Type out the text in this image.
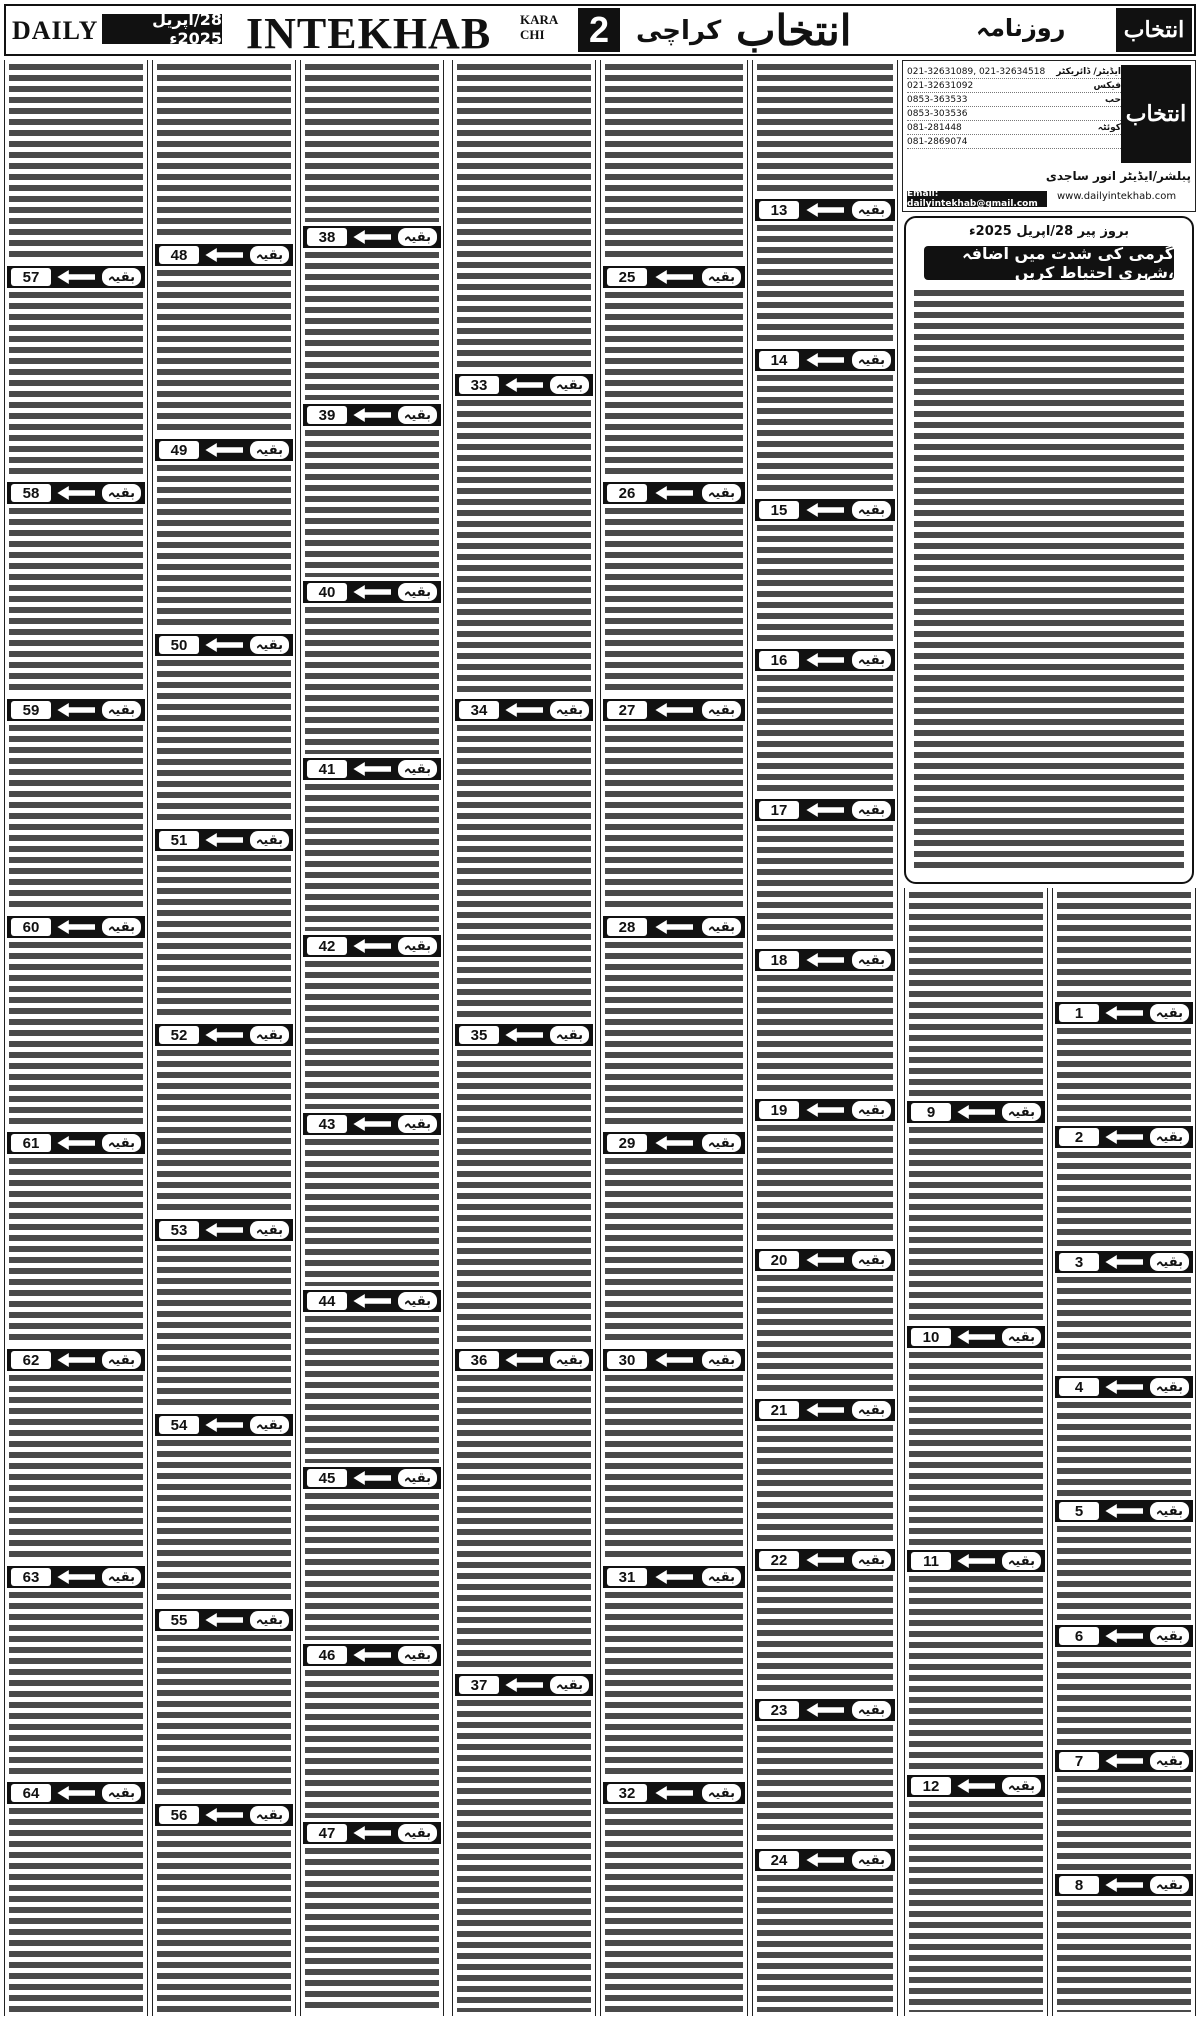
DAILY	28/اپریل 2025ء INTEKHAB KARA
CHI	2	کراچی انتخاب	روزنامہ	انتخاب
57	بقیہ
58	بقیہ
59	بقیہ
60	بقیہ
61	بقیہ
62	بقیہ
63	بقیہ
64	بقیہ
48	بقیہ
49	بقیہ
50	بقیہ
51	بقیہ
52	بقیہ
53	بقیہ
54	بقیہ
55	بقیہ
56	بقیہ
38	بقیہ
39	بقیہ
40	بقیہ
41	بقیہ
42	بقیہ
43	بقیہ
44	بقیہ
45	بقیہ
46	بقیہ
47	بقیہ
33	بقیہ
34	بقیہ
35	بقیہ
36	بقیہ
37	بقیہ
25	بقیہ
26	بقیہ
27	بقیہ
28	بقیہ
29	بقیہ
30	بقیہ
31	بقیہ
32	بقیہ
13	بقیہ
14	بقیہ
15	بقیہ
16	بقیہ
17	بقیہ
18	بقیہ
19	بقیہ
20	بقیہ
21	بقیہ
22	بقیہ
23	بقیہ
24	بقیہ
9	بقیہ
10	بقیہ
11	بقیہ
12	بقیہ
1	بقیہ
2	بقیہ
3	بقیہ
4	بقیہ
5	بقیہ
6	بقیہ
7	بقیہ
8	بقیہ
انتخاب
021-32631089, 021-32634518 ایڈیٹر/ ڈائریکٹر
021-32631092	فیکس
0853-363533	حب
0853-303536
081-281448	کوئٹہ
081-2869074
پبلشر/ایڈیٹر انور ساجدی
Email: dailyintekhab@gmail.com
www.dailyintekhab.com
بروز پیر 28/اپریل 2025ء
گرمی کی شدت میں اضافہ ،شہری احتیاط کریں
